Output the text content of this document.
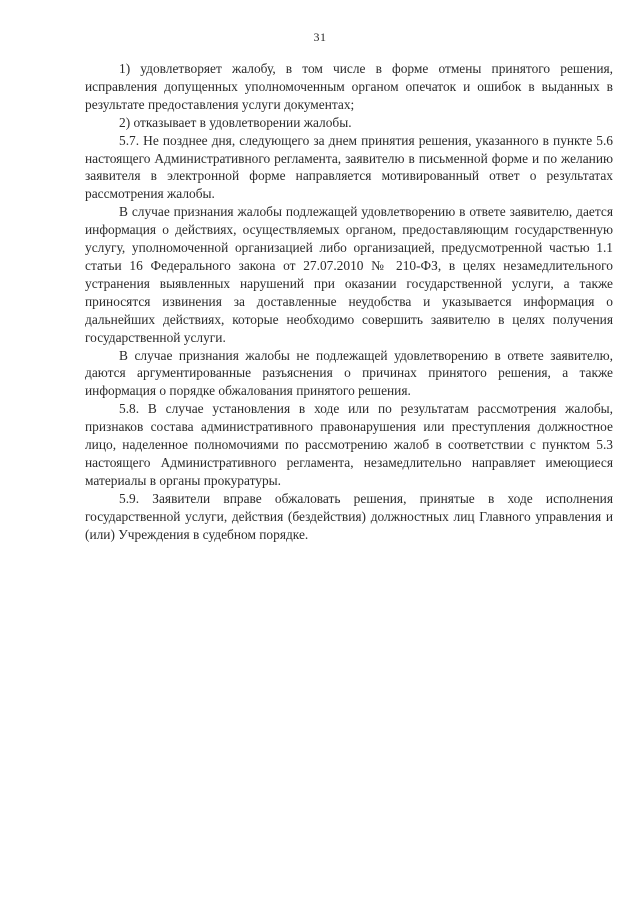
31

1) удовлетворяет жалобу, в том числе в форме отмены принятого решения, исправления допущенных уполномоченным органом опечаток и ошибок в выданных в результате предоставления услуги документах;

2) отказывает в удовлетворении жалобы.

5.7. Не позднее дня, следующего за днем принятия решения, указанного в пункте 5.6 настоящего Административного регламента, заявителю в письменной форме и по желанию заявителя в электронной форме направляется мотивированный ответ о результатах рассмотрения жалобы.

В случае признания жалобы подлежащей удовлетворению в ответе заявителю, дается информация о действиях, осуществляемых органом, предоставляющим государственную услугу, уполномоченной организацией либо организацией, предусмотренной частью 1.1 статьи 16 Федерального закона от 27.07.2010 № 210-ФЗ, в целях незамедлительного устранения выявленных нарушений при оказании государственной услуги, а также приносятся извинения за доставленные неудобства и указывается информация о дальнейших действиях, которые необходимо совершить заявителю в целях получения государственной услуги.

В случае признания жалобы не подлежащей удовлетворению в ответе заявителю, даются аргументированные разъяснения о причинах принятого решения, а также информация о порядке обжалования принятого решения.

5.8. В случае установления в ходе или по результатам рассмотрения жалобы, признаков состава административного правонарушения или преступления должностное лицо, наделенное полномочиями по рассмотрению жалоб в соответствии с пунктом 5.3 настоящего Административного регламента, незамедлительно направляет имеющиеся материалы в органы прокуратуры.

5.9. Заявители вправе обжаловать решения, принятые в ходе исполнения государственной услуги, действия (бездействия) должностных лиц Главного управления и (или) Учреждения в судебном порядке.
